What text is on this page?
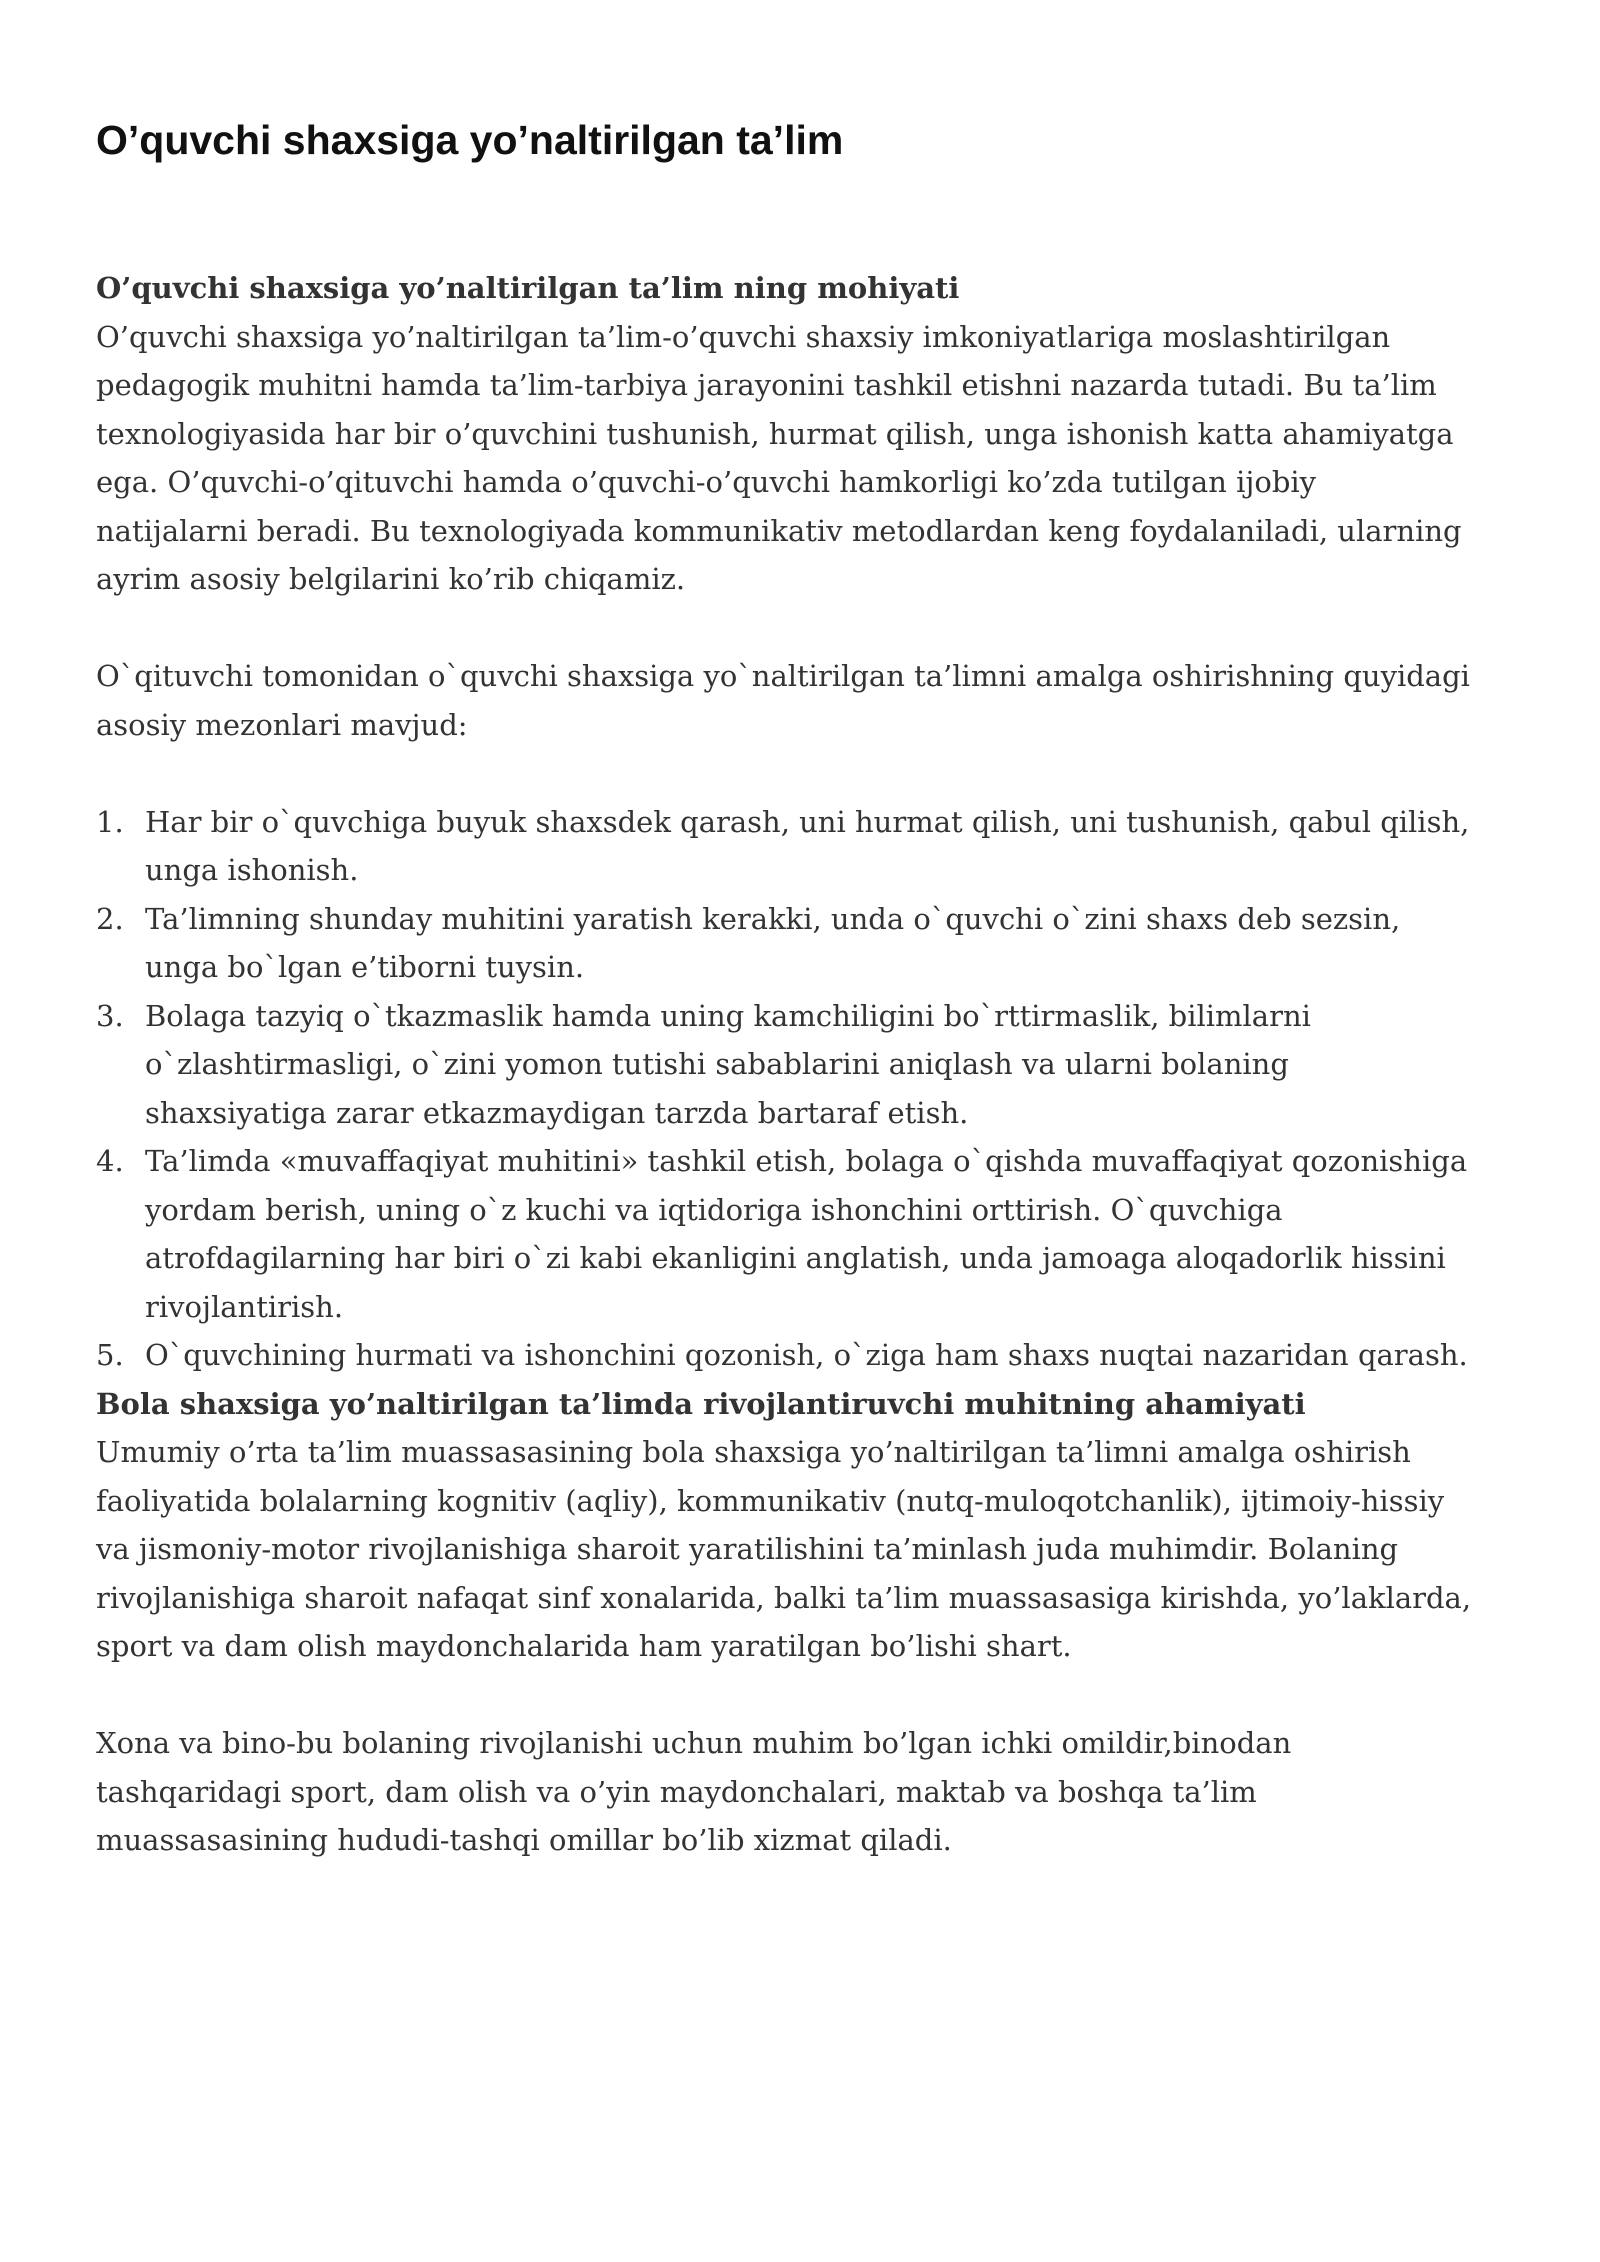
O’quvchi shaxsiga yo’naltirilgan ta’lim

O’quvchi shaxsiga yo’naltirilgan ta’lim ning mohiyati

O’quvchi shaxsiga yo’naltirilgan ta’lim-o’quvchi shaxsiy imkoniyatlariga moslashtirilgan pedagogik muhitni hamda ta’lim-tarbiya jarayonini tashkil etishni nazarda tutadi. Bu ta’lim texnologiyasida har bir o’quvchini tushunish, hurmat qilish, unga ishonish katta ahamiyatga ega. O’quvchi-o’qituvchi hamda o’quvchi-o’quvchi hamkorligi ko’zda tutilgan ijobiy natijalarni beradi. Bu texnologiyada kommunikativ metodlardan keng foydalaniladi, ularning ayrim asosiy belgilarini ko’rib chiqamiz.

O`qituvchi tomonidan o`quvchi shaxsiga yo`naltirilgan ta’limni amalga oshirishning quyidagi asosiy mezonlari mavjud:

1. Har bir o`quvchiga buyuk shaxsdek qarash, uni hurmat qilish, uni tushunish, qabul qilish, unga ishonish.
2. Ta’limning shunday muhitini yaratish kerakki, unda o`quvchi o`zini shaxs deb sezsin, unga bo`lgan e’tiborni tuysin.
3. Bolaga tazyiq o`tkazmaslik hamda uning kamchiligini bo`rttirmaslik, bilimlarni o`zlashtirmasligi, o`zini yomon tutishi sabablarini aniqlash va ularni bolaning shaxsiyatiga zarar etkazmaydigan tarzda bartaraf etish.
4. Ta’limda «muvaffaqiyat muhitini» tashkil etish, bolaga o`qishda muvaffaqiyat qozonishiga yordam berish, uning o`z kuchi va iqtidoriga ishonchini orttirish. O`quvchiga atrofdagilarning har biri o`zi kabi ekanligini anglatish, unda jamoaga aloqadorlik hissini rivojlantirish.
5. O`quvchining hurmati va ishonchini qozonish, o`ziga ham shaxs nuqtai nazaridan qarash.

Bola shaxsiga yo’naltirilgan ta’limda rivojlantiruvchi muhitning ahamiyati

Umumiy o’rta ta’lim muassasasining bola shaxsiga yo’naltirilgan ta’limni amalga oshirish faoliyatida bolalarning kognitiv (aqliy), kommunikativ (nutq-muloqotchanlik), ijtimoiy-hissiy va jismoniy-motor rivojlanishiga sharoit yaratilishini ta’minlash juda muhimdir. Bolaning rivojlanishiga sharoit nafaqat sinf xonalarida, balki ta’lim muassasasiga kirishda, yo’laklarda, sport va dam olish maydonchalarida ham yaratilgan bo’lishi shart.

Xona va bino-bu bolaning rivojlanishi uchun muhim bo’lgan ichki omildir,binodan tashqaridagi sport, dam olish va o’yin maydonchalari, maktab va boshqa ta’lim muassasasining hududi-tashqi omillar bo’lib xizmat qiladi.
